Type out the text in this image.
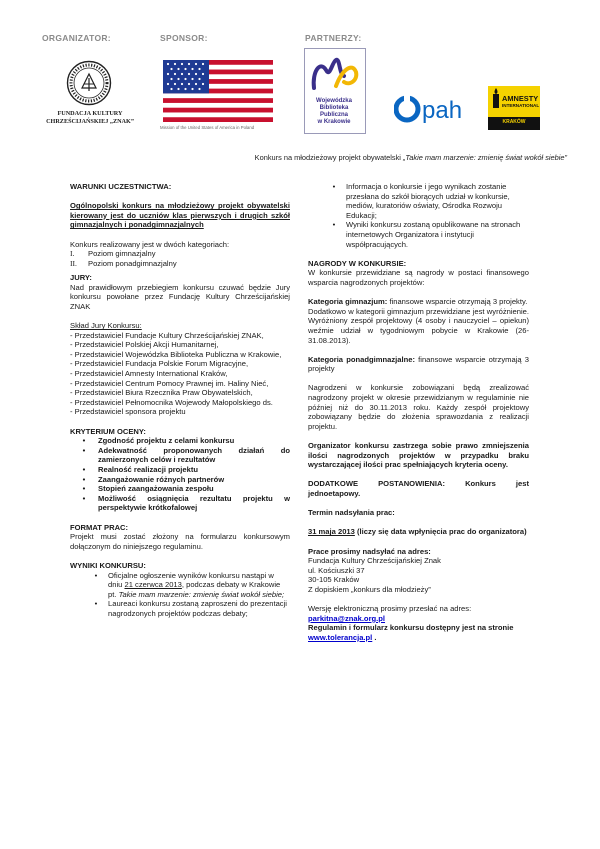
ORGANIZATOR:	SPONSOR:	PARTNERZY:
FUNDACJA KULTURY
CHRZEŚCIJAŃSKIEJ „ZNAK”
Mission of the United States of America in Poland
Wojewódzka
Biblioteka Publiczna
w Krakowie	pah	AMNESTY
INTERNATIONAL
KRAKÓW
Konkurs na młodzieżowy projekt obywatelski „Takie mam marzenie: zmienię świat wokół siebie”

WARUNKI UCZESTNICTWA:

Ogólnopolski konkurs na młodzieżowy projekt obywatelski kierowany jest do uczniów klas pierwszych i drugich szkół gimnazjalnych i ponadgimnazjalnych

Konkurs realizowany jest w dwóch kategoriach:

I.	Poziom gimnazjalny
II.	Poziom ponadgimnazjalny

JURY:

Nad prawidłowym przebiegiem konkursu czuwać będzie Jury konkursu powołane przez Fundację Kultury Chrześcijańskiej ZNAK

Skład Jury Konkursu:

- Przedstawiciel Fundacje Kultury Chrześcijańskiej ZNAK,

- Przedstawiciel Polskiej Akcji Humanitarnej,

- Przedstawiciel Wojewódzka Biblioteka Publiczna w Krakowie,

- Przedstawiciel Fundacja Polskie Forum Migracyjne,

- Przedstawiciel Amnesty International Kraków,

- Przedstawiciel Centrum Pomocy Prawnej im. Haliny Nieć,

- Przedstawiciel Biura Rzecznika Praw Obywatelskich,

- Przedstawiciel Pełnomocnika Wojewody Małopolskiego ds.

- Przedstawiciel sponsora projektu

KRYTERIUM OCENY:

•	Zgodność projektu z celami konkursu
•	Adekwatność proponowanych działań do zamierzonych celów i rezultatów
•	Realność realizacji projektu
•	Zaangażowanie różnych partnerów
•	Stopień zaangażowania zespołu
•	Możliwość osiągnięcia rezultatu projektu w perspektywie krótkofalowej

FORMAT PRAC:

Projekt musi zostać złożony na formularzu konkursowym dołączonym do niniejszego regulaminu.

WYNIKI KONKURSU:

•	Oficjalne ogłoszenie wyników konkursu nastąpi w dniu 21 czerwca 2013, podczas debaty w Krakowie pt. Takie mam marzenie: zmienię świat wokół siebie;
•	Laureaci konkursu zostaną zaproszeni do prezentacji nagrodzonych projektów podczas debaty;
•	Informacja o konkursie i jego wynikach zostanie przesłana do szkół biorących udział w konkursie, mediów, kuratoriów oświaty, Ośrodka Rozwoju Edukacji;
•	Wyniki konkursu zostaną opublikowane na stronach internetowych Organizatora i instytucji współpracujących.

NAGRODY W KONKURSIE:

W konkursie przewidziane są nagrody w postaci finansowego wsparcia nagrodzonych projektów:

Kategoria gimnazjum: finansowe wsparcie otrzymają 3 projekty.

Dodatkowo w kategorii gimnazjum przewidziane jest wyróżnienie. Wyróżniony zespół projektowy (4 osoby i nauczyciel – opiekun) weźmie udział w tygodniowym pobycie w Krakowie (26-31.08.2013).

Kategoria ponadgimnazjalne: finansowe wsparcie otrzymają 3 projekty

Nagrodzeni w konkursie zobowiązani będą zrealizować nagrodzony projekt w okresie przewidzianym w regulaminie nie później niż do 30.11.2013 roku. Każdy zespół projektowy zobowiązany będzie do złożenia sprawozdania z realizacji projektu.

Organizator konkursu zastrzega sobie prawo zmniejszenia ilości nagrodzonych projektów w przypadku braku wystarczającej ilości prac spełniających kryteria oceny.

DODATKOWE POSTANOWIENIA: Konkurs jest jednoetapowy.

Termin nadsyłania prac:

31 maja 2013 (liczy się data wpłynięcia prac do organizatora)

Prace prosimy nadsyłać na adres:

Fundacja Kultury Chrześcijańskiej Znak

ul. Kościuszki 37

30-105 Kraków

Z dopiskiem „konkurs dla młodzieży”

Wersję elektroniczną prosimy przesłać na adres:

parkitna@znak.org.pl

Regulamin i formularz konkursu dostępny jest na stronie www.tolerancja.pl .
